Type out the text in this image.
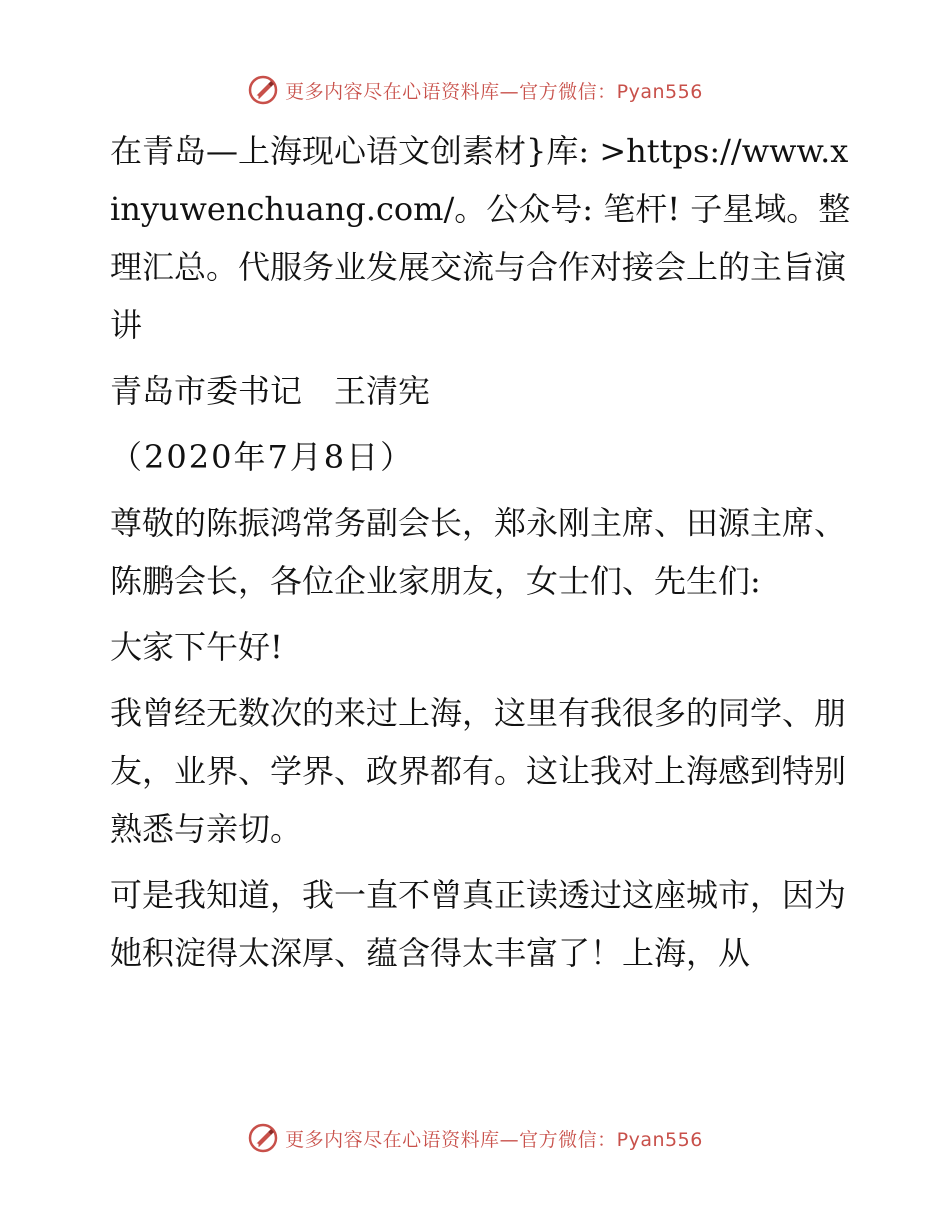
更多内容尽在心语资料库—官方微信：Pyan556

在青岛—上海现心语文创素材}库: >https://www.xinyuwenchuang.com/。公众号: 笔杆! 子星域。整理汇总。代服务业发展交流与合作对接会上的主旨演讲

青岛市委书记　王清宪

（2020年7月8日）

尊敬的陈振鸿常务副会长，郑永刚主席、田源主席、陈鹏会长，各位企业家朋友，女士们、先生们:

大家下午好!

我曾经无数次的来过上海，这里有我很多的同学、朋友，业界、学界、政界都有。这让我对上海感到特别熟悉与亲切。

可是我知道，我一直不曾真正读透过这座城市，因为她积淀得太深厚、蕴含得太丰富了！上海，从

更多内容尽在心语资料库—官方微信：Pyan556
